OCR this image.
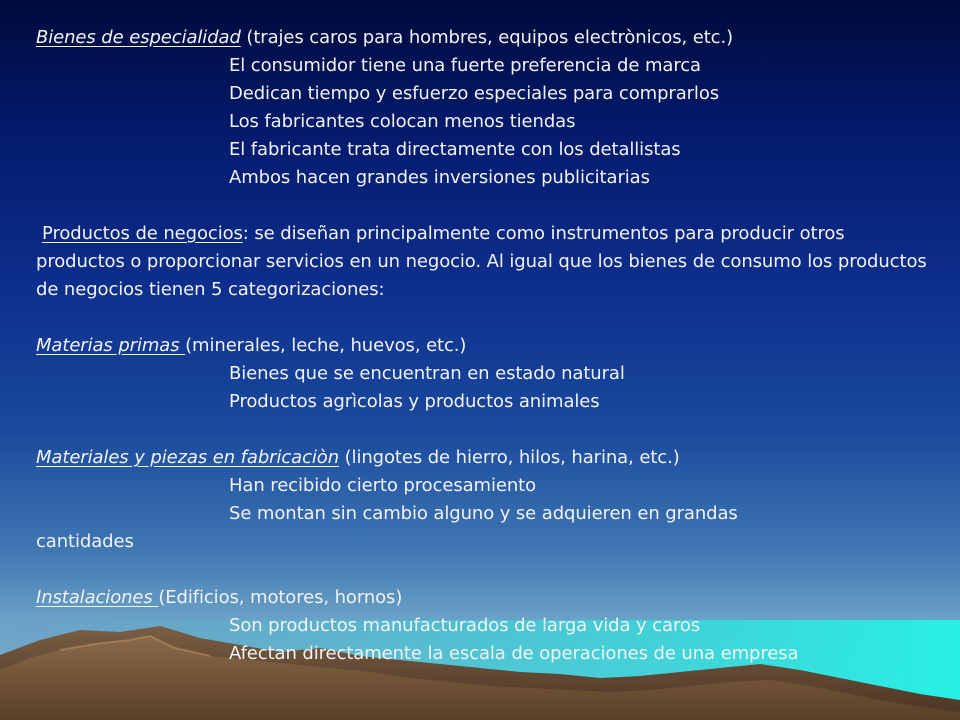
Bienes de especialidad (trajes caros para hombres, equipos electrònicos, etc.)
El consumidor tiene una fuerte preferencia de marca
Dedican tiempo y esfuerzo especiales para comprarlos
Los fabricantes colocan menos tiendas
El fabricante trata directamente con los detallistas
Ambos hacen grandes inversiones publicitarias
Productos de negocios: se diseñan principalmente como instrumentos para producir otros productos o proporcionar servicios en un negocio. Al igual que los bienes de consumo los productos de negocios tienen 5 categorizaciones:
Materias primas (minerales, leche, huevos, etc.)
Bienes que se encuentran en estado natural
Productos agrìcolas y productos animales
Materiales y piezas en fabricaciòn (lingotes de hierro, hilos, harina, etc.)
Han recibido cierto procesamiento
Se montan sin cambio alguno y se adquieren en grandas
cantidades
Instalaciones (Edificios, motores, hornos)
Son productos manufacturados de larga vida y caros
Afectan directamente la escala de operaciones de una empresa
